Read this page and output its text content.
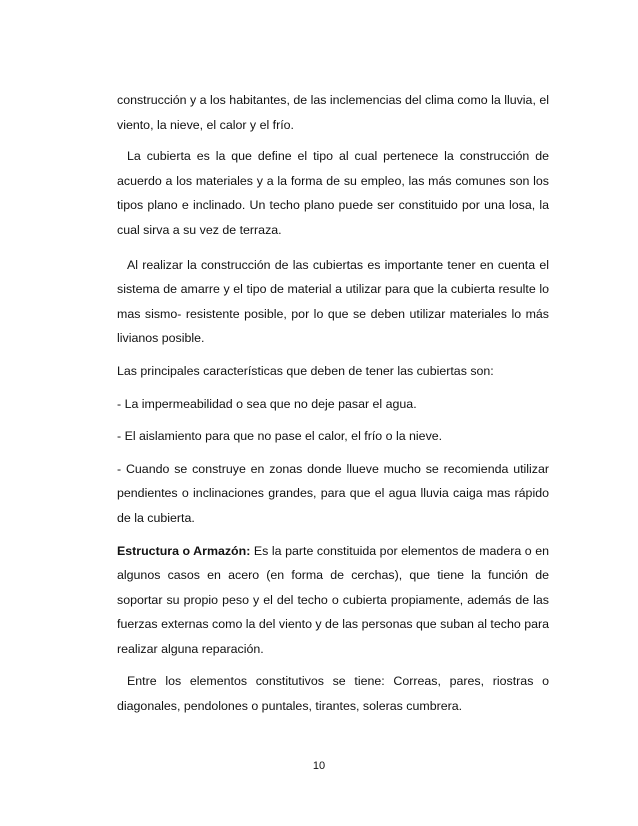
construcción y a los habitantes, de las inclemencias del clima como la lluvia, el viento, la nieve, el calor y el frío.

La cubierta es la que define el tipo al cual pertenece la construcción de acuerdo a los materiales y a la forma de su empleo, las más comunes son los tipos plano e inclinado. Un techo plano puede ser constituido por una losa, la cual sirva a su vez de terraza.

Al realizar la construcción de las cubiertas es importante tener en cuenta el sistema de amarre y el tipo de material a utilizar para que la cubierta resulte lo mas sismo- resistente posible, por lo que se deben utilizar materiales lo más livianos posible.

Las principales características que deben de tener las cubiertas son:

- La impermeabilidad o sea que no deje pasar el agua.

- El aislamiento para que no pase el calor, el frío o la nieve.

- Cuando se construye en zonas donde llueve mucho se recomienda utilizar pendientes o inclinaciones grandes, para que el agua lluvia caiga mas rápido de la cubierta.

Estructura o Armazón: Es la parte constituida por elementos de madera o en algunos casos en acero (en forma de cerchas), que tiene la función de soportar su propio peso y el del techo o cubierta propiamente, además de las fuerzas externas como la del viento y de las personas que suban al techo para realizar alguna reparación.

Entre los elementos constitutivos se tiene: Correas, pares, riostras o diagonales, pendolones o puntales, tirantes, soleras cumbrera.

10
